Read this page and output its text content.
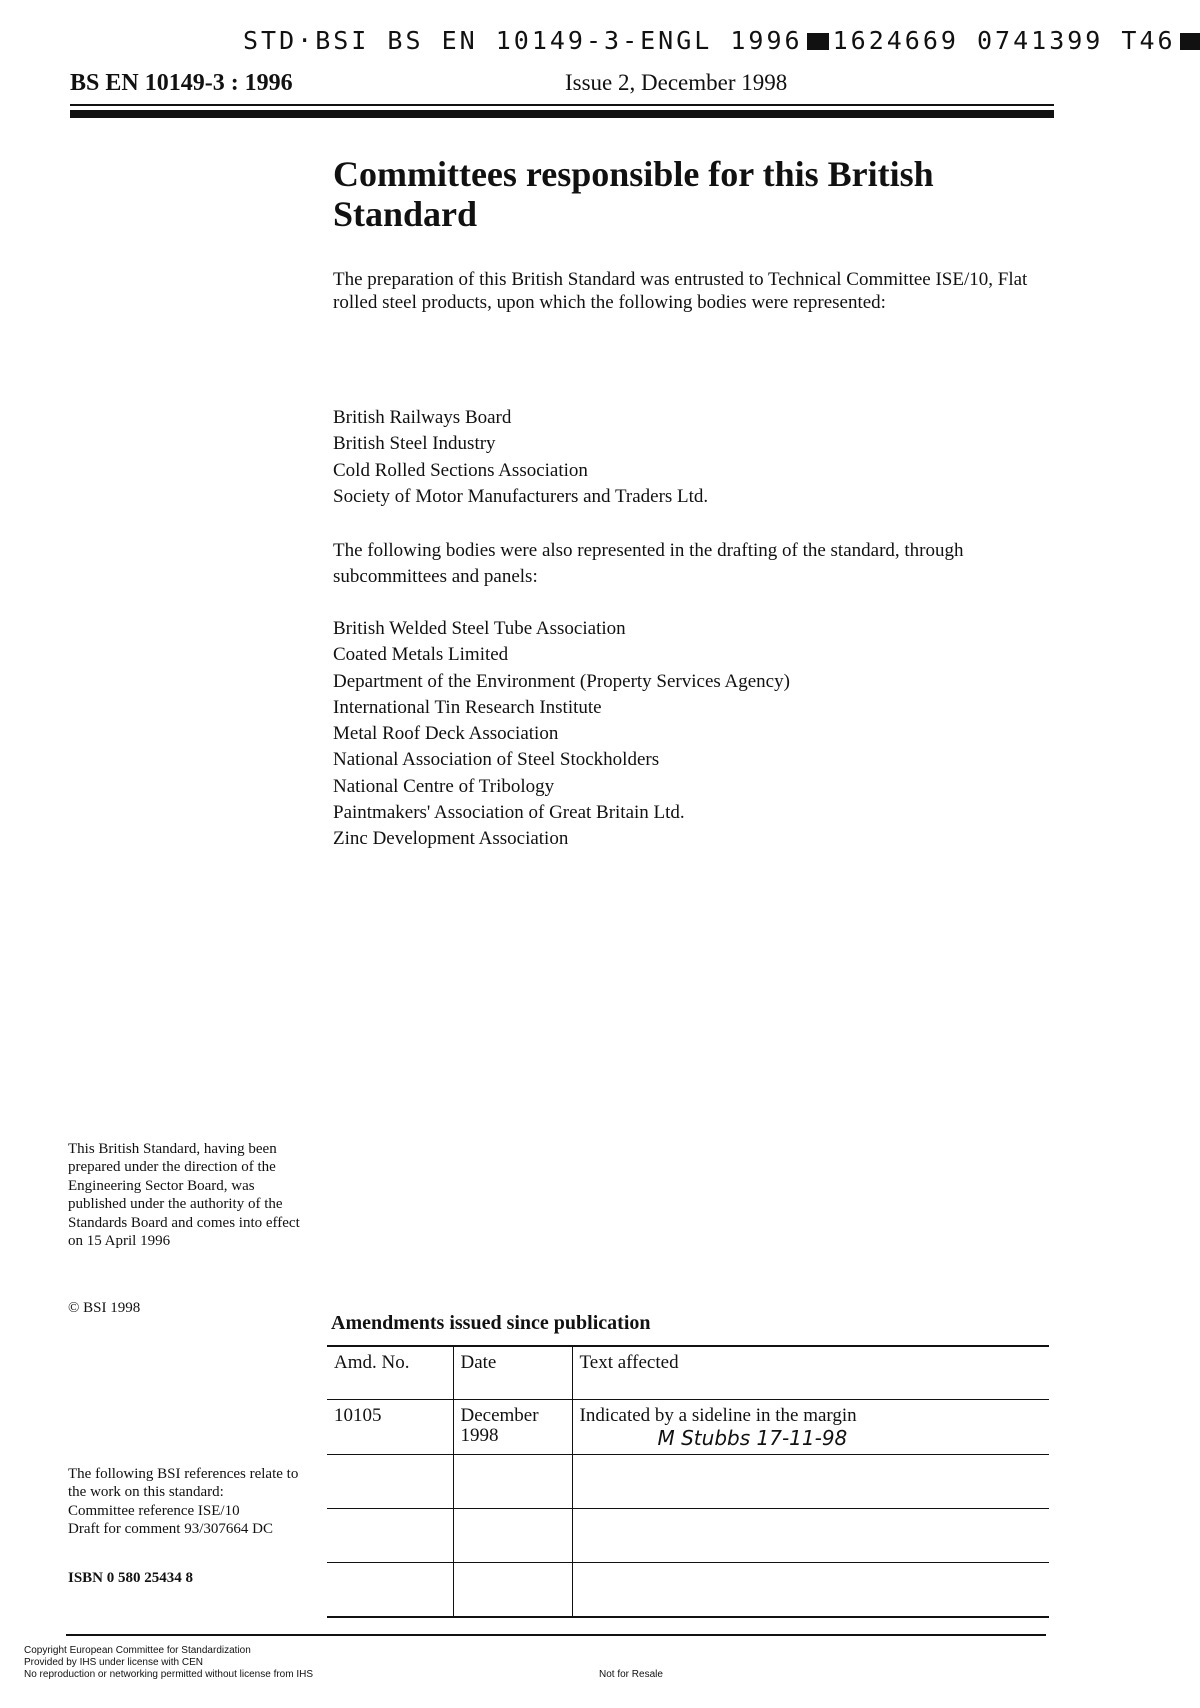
STD·BSI BS EN 10149-3-ENGL 1996 1624669 0741399 T46
BS EN 10149-3 : 1996	Issue 2, December 1998
Committees responsible for this British Standard

The preparation of this British Standard was entrusted to Technical Committee ISE/10, Flat rolled steel products, upon which the following bodies were represented:

British Railways Board
British Steel Industry
Cold Rolled Sections Association
Society of Motor Manufacturers and Traders Ltd.

The following bodies were also represented in the drafting of the standard, through subcommittees and panels:

British Welded Steel Tube Association
Coated Metals Limited
Department of the Environment (Property Services Agency)
International Tin Research Institute
Metal Roof Deck Association
National Association of Steel Stockholders
National Centre of Tribology
Paintmakers' Association of Great Britain Ltd.
Zinc Development Association

This British Standard, having been prepared under the direction of the Engineering Sector Board, was published under the authority of the Standards Board and comes into effect on 15 April 1996

© BSI 1998
The following BSI references relate to the work on this standard:
Committee reference ISE/10
Draft for comment 93/307664 DC
ISBN 0 580 25434 8
Amendments issued since publication
Amd. No.	Date	Text affected
10105	December 1998	Indicated by a sideline in the margin
M Stubbs 17-11-98

Copyright European Committee for Standardization
Provided by IHS under license with CEN
No reproduction or networking permitted without license from IHS	Not for Resale
